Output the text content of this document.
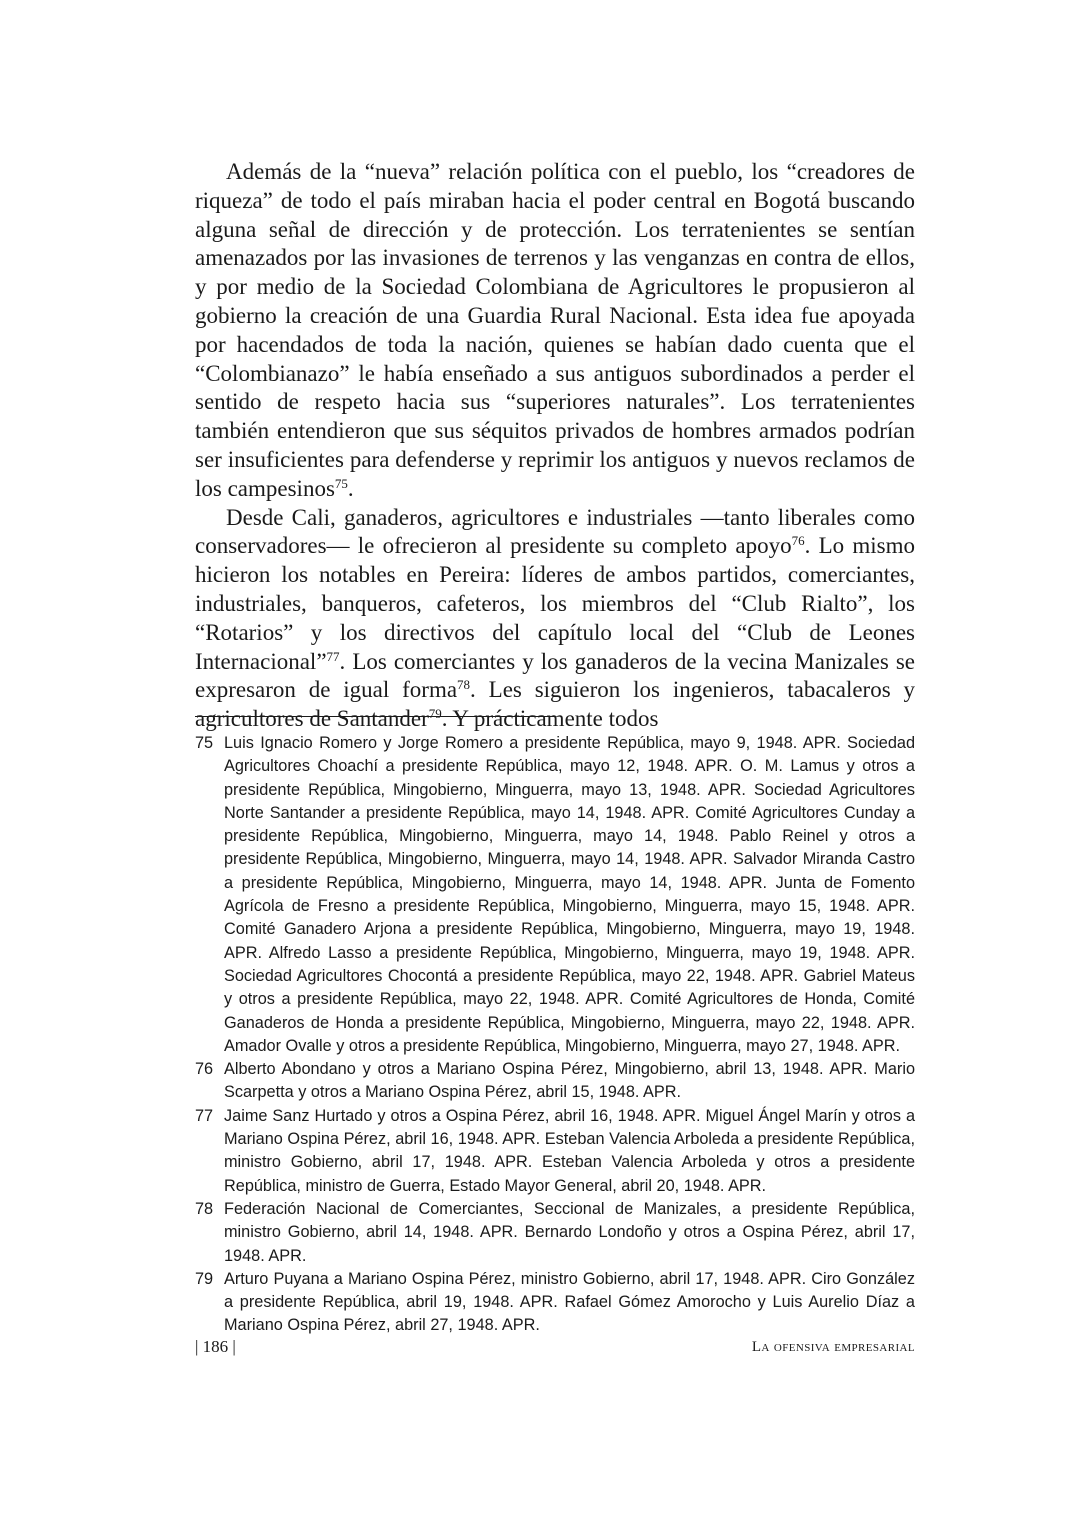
Además de la “nueva” relación política con el pueblo, los “creadores de riqueza” de todo el país miraban hacia el poder central en Bogotá buscando alguna señal de dirección y de protección. Los terratenientes se sentían amenazados por las invasiones de terrenos y las venganzas en contra de ellos, y por medio de la Sociedad Colombiana de Agricultores le propusieron al gobierno la creación de una Guardia Rural Nacional. Esta idea fue apoyada por hacendados de toda la nación, quienes se habían dado cuenta que el “Colombianazo” le había enseñado a sus antiguos subordinados a perder el sentido de respeto hacia sus “superiores naturales”. Los terratenientes también entendieron que sus séquitos privados de hombres armados podrían ser insuficientes para defenderse y reprimir los antiguos y nuevos reclamos de los campesinos$^{75}$.

Desde Cali, ganaderos, agricultores e industriales —tanto liberales como conservadores— le ofrecieron al presidente su completo apoyo$^{76}$. Lo mismo hicieron los notables en Pereira: líderes de ambos partidos, comerciantes, industriales, banqueros, cafeteros, los miembros del “Club Rialto”, los “Rotarios” y los directivos del capítulo local del “Club de Leones Internacional”$^{77}$. Los comerciantes y los ganaderos de la vecina Manizales se expresaron de igual forma$^{78}$. Les siguieron los ingenieros, tabacaleros y agricultores de Santander$^{79}$. Y prácticamente todos

75 Luis Ignacio Romero y Jorge Romero a presidente República, mayo 9, 1948. APR. Sociedad Agricultores Choachí a presidente República, mayo 12, 1948. APR. O. M. Lamus y otros a presidente República, Mingobierno, Minguerra, mayo 13, 1948. APR. Sociedad Agricultores Norte Santander a presidente República, mayo 14, 1948. APR. Comité Agricultores Cunday a presidente República, Mingobierno, Minguerra, mayo 14, 1948. Pablo Reinel y otros a presidente República, Mingobierno, Minguerra, mayo 14, 1948. APR. Salvador Miranda Castro a presidente República, Mingobierno, Minguerra, mayo 14, 1948. APR. Junta de Fomento Agrícola de Fresno a presidente República, Mingobierno, Minguerra, mayo 15, 1948. APR. Comité Ganadero Arjona a presidente República, Mingobierno, Minguerra, mayo 19, 1948. APR. Alfredo Lasso a presidente República, Mingobierno, Minguerra, mayo 19, 1948. APR. Sociedad Agricultores Chocontá a presidente República, mayo 22, 1948. APR. Gabriel Mateus y otros a presidente República, mayo 22, 1948. APR. Comité Agricultores de Honda, Comité Ganaderos de Honda a presidente República, Mingobierno, Minguerra, mayo 22, 1948. APR. Amador Ovalle y otros a presidente República, Mingobierno, Minguerra, mayo 27, 1948. APR.
76 Alberto Abondano y otros a Mariano Ospina Pérez, Mingobierno, abril 13, 1948. APR. Mario Scarpetta y otros a Mariano Ospina Pérez, abril 15, 1948. APR.
77 Jaime Sanz Hurtado y otros a Ospina Pérez, abril 16, 1948. APR. Miguel Ángel Marín y otros a Mariano Ospina Pérez, abril 16, 1948. APR. Esteban Valencia Arboleda a presidente República, ministro Gobierno, abril 17, 1948. APR. Esteban Valencia Arboleda y otros a presidente República, ministro de Guerra, Estado Mayor General, abril 20, 1948. APR.
78 Federación Nacional de Comerciantes, Seccional de Manizales, a presidente República, ministro Gobierno, abril 14, 1948. APR. Bernardo Londoño y otros a Ospina Pérez, abril 17, 1948. APR.
79 Arturo Puyana a Mariano Ospina Pérez, ministro Gobierno, abril 17, 1948. APR. Ciro González a presidente República, abril 19, 1948. APR. Rafael Gómez Amorocho y Luis Aurelio Díaz a Mariano Ospina Pérez, abril 27, 1948. APR.
| 186 |	La ofensiva empresarial
